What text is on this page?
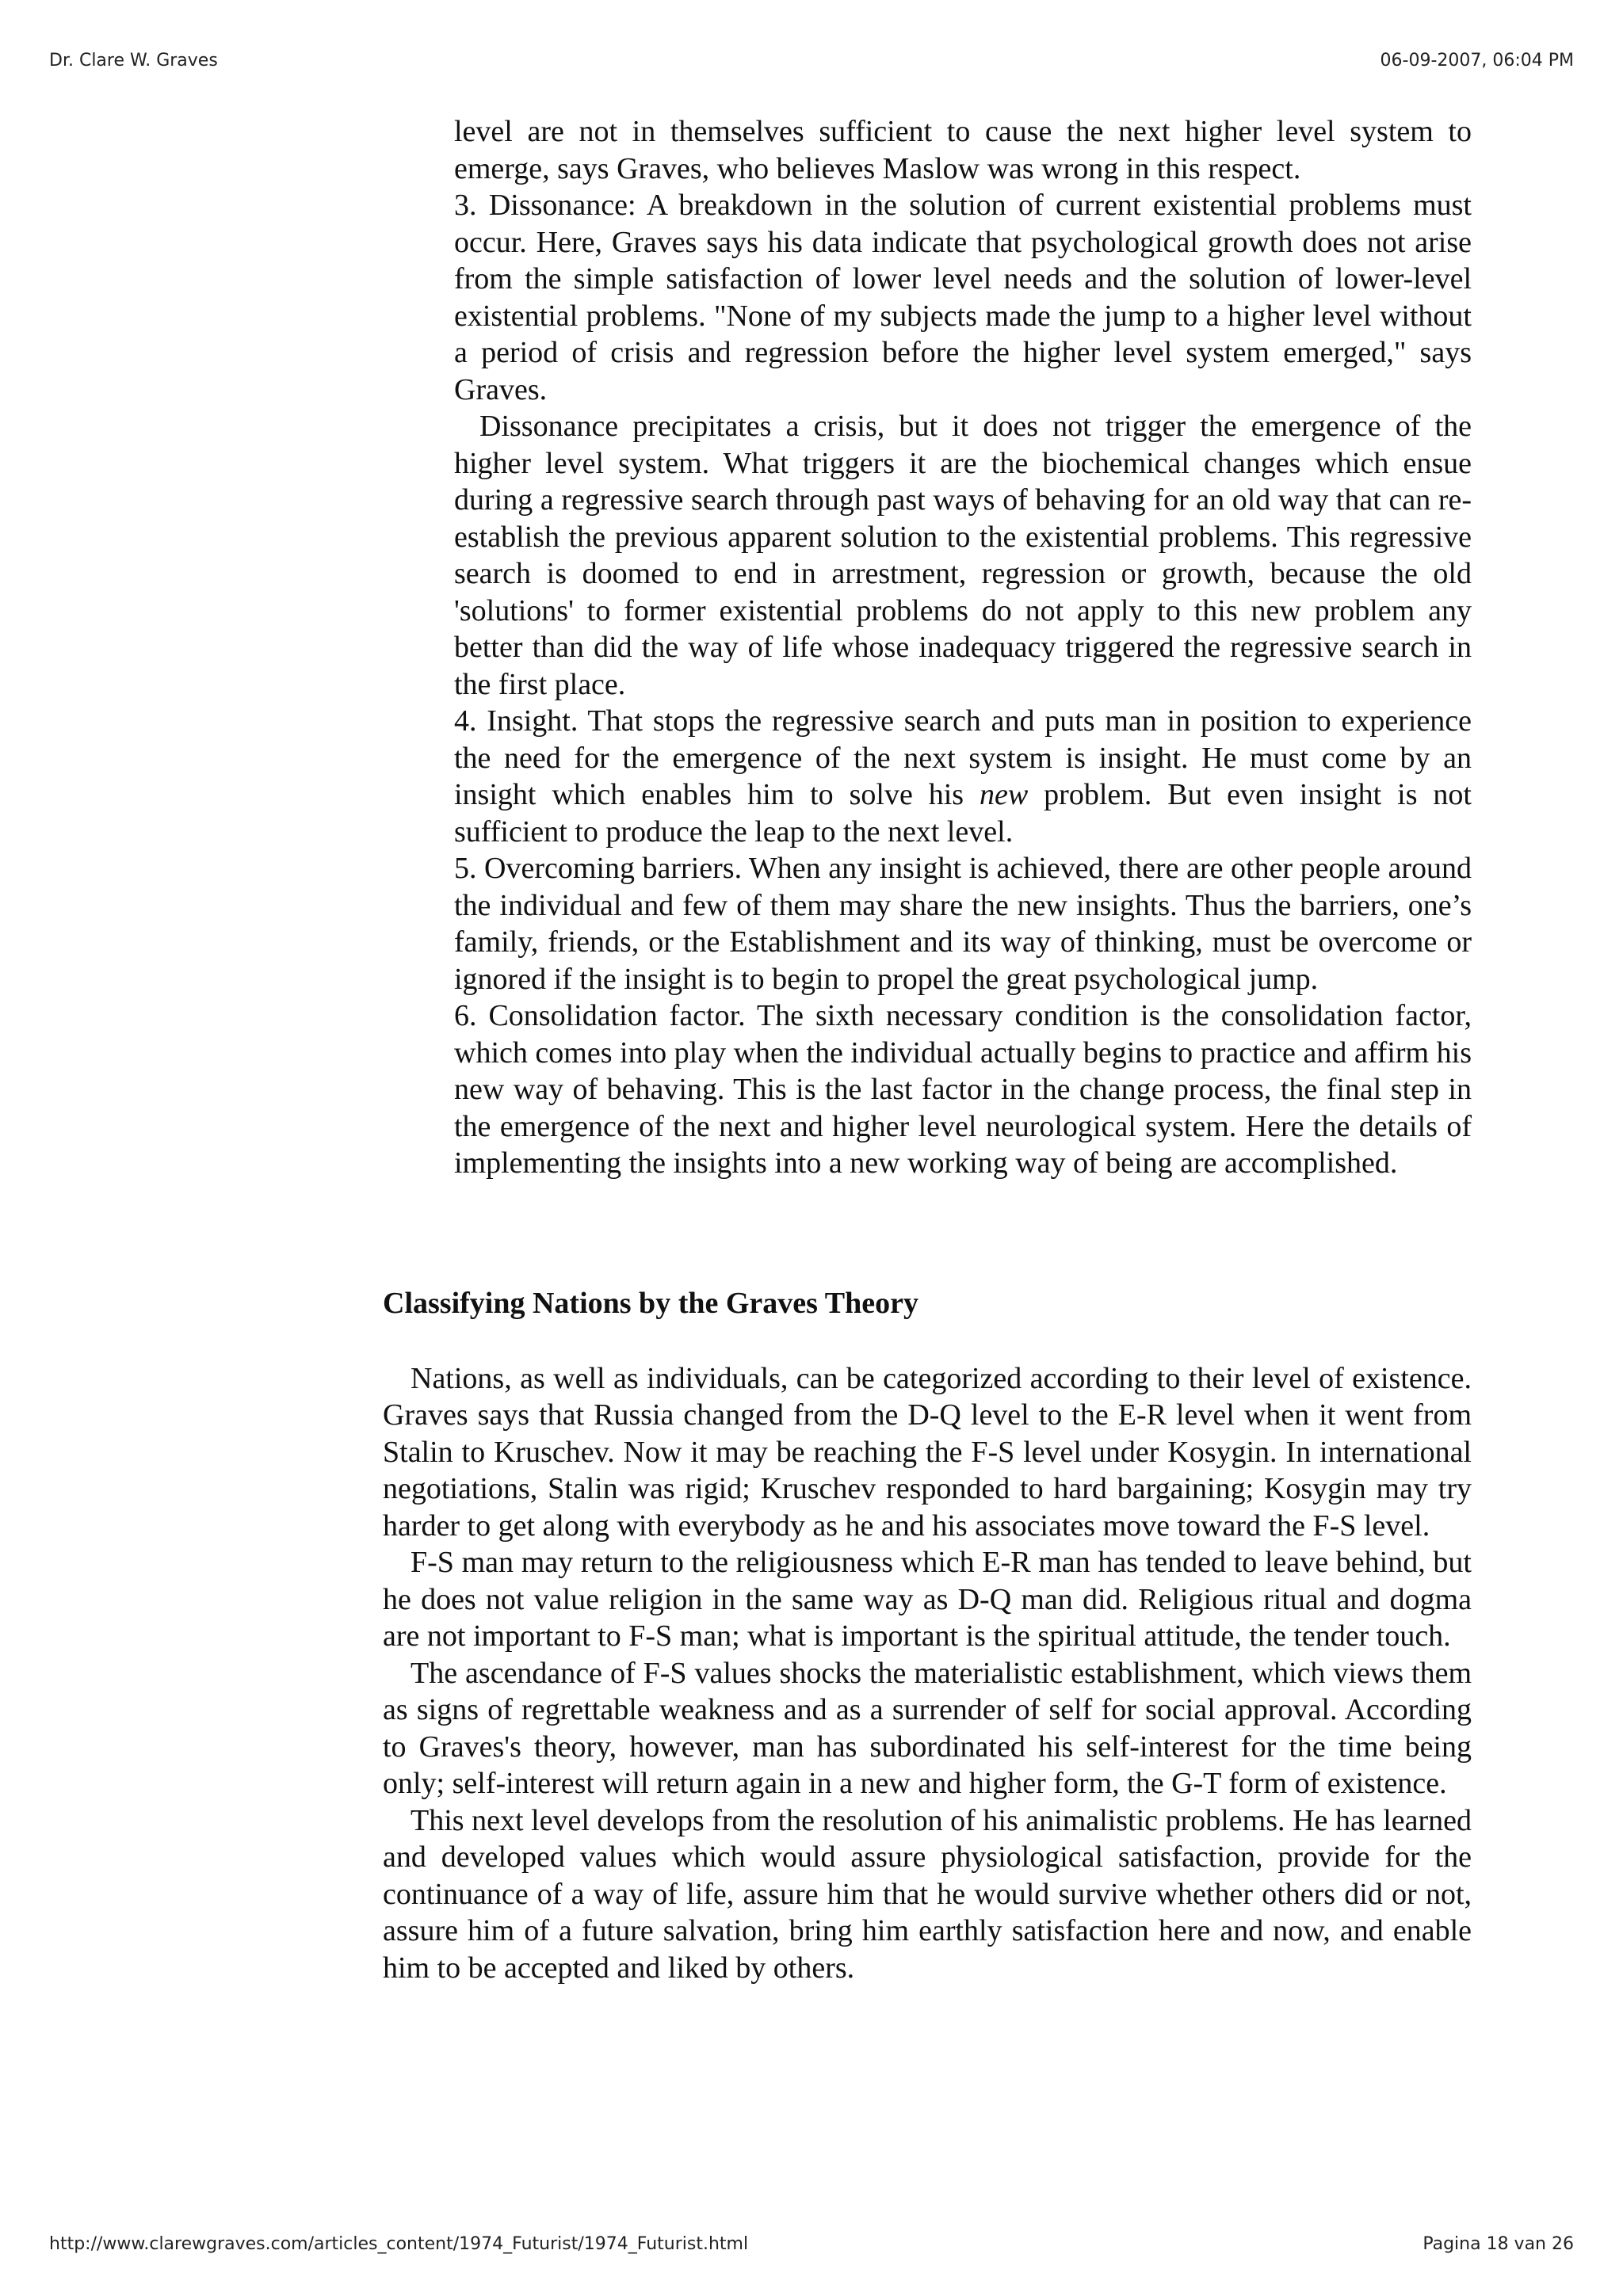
Dr. Clare W. Graves	06-09-2007, 06:04 PM

level are not in themselves sufficient to cause the next higher level system to emerge, says Graves, who believes Maslow was wrong in this respect.

3. Dissonance: A breakdown in the solution of current existential problems must occur. Here, Graves says his data indicate that psychological growth does not arise from the simple satisfaction of lower level needs and the solution of lower-level existential problems. "None of my subjects made the jump to a higher level without a period of crisis and regression before the higher level system emerged," says Graves.

Dissonance precipitates a crisis, but it does not trigger the emergence of the higher level system. What triggers it are the biochemical changes which ensue during a regressive search through past ways of behaving for an old way that can re-establish the previous apparent solution to the existential problems. This regressive search is doomed to end in arrestment, regression or growth, because the old 'solutions' to former existential problems do not apply to this new problem any better than did the way of life whose inadequacy triggered the regressive search in the first place.

4. Insight. That stops the regressive search and puts man in position to experience the need for the emergence of the next system is insight. He must come by an insight which enables him to solve his new problem. But even insight is not sufficient to produce the leap to the next level.

5. Overcoming barriers. When any insight is achieved, there are other people around the individual and few of them may share the new insights. Thus the barriers, one’s family, friends, or the Establishment and its way of thinking, must be overcome or ignored if the insight is to begin to propel the great psychological jump.

6. Consolidation factor. The sixth necessary condition is the consolidation factor, which comes into play when the individual actually begins to practice and affirm his new way of behaving. This is the last factor in the change process, the final step in the emergence of the next and higher level neurological system. Here the details of implementing the insights into a new working way of being are accomplished.

Classifying Nations by the Graves Theory

Nations, as well as individuals, can be categorized according to their level of existence. Graves says that Russia changed from the D-Q level to the E-R level when it went from Stalin to Kruschev. Now it may be reaching the F-S level under Kosygin. In international negotiations, Stalin was rigid; Kruschev responded to hard bargaining; Kosygin may try harder to get along with everybody as he and his associates move toward the F-S level.

F-S man may return to the religiousness which E-R man has tended to leave behind, but he does not value religion in the same way as D-Q man did. Religious ritual and dogma are not important to F-S man; what is important is the spiritual attitude, the tender touch.

The ascendance of F-S values shocks the materialistic establishment, which views them as signs of regrettable weakness and as a surrender of self for social approval. According to Graves's theory, however, man has subordinated his self-interest for the time being only; self-interest will return again in a new and higher form, the G-T form of existence.

This next level develops from the resolution of his animalistic problems. He has learned and developed values which would assure physiological satisfaction, provide for the continuance of a way of life, assure him that he would survive whether others did or not, assure him of a future salvation, bring him earthly satisfaction here and now, and enable him to be accepted and liked by others.

http://www.clarewgraves.com/articles_content/1974_Futurist/1974_Futurist.html	Pagina 18 van 26
